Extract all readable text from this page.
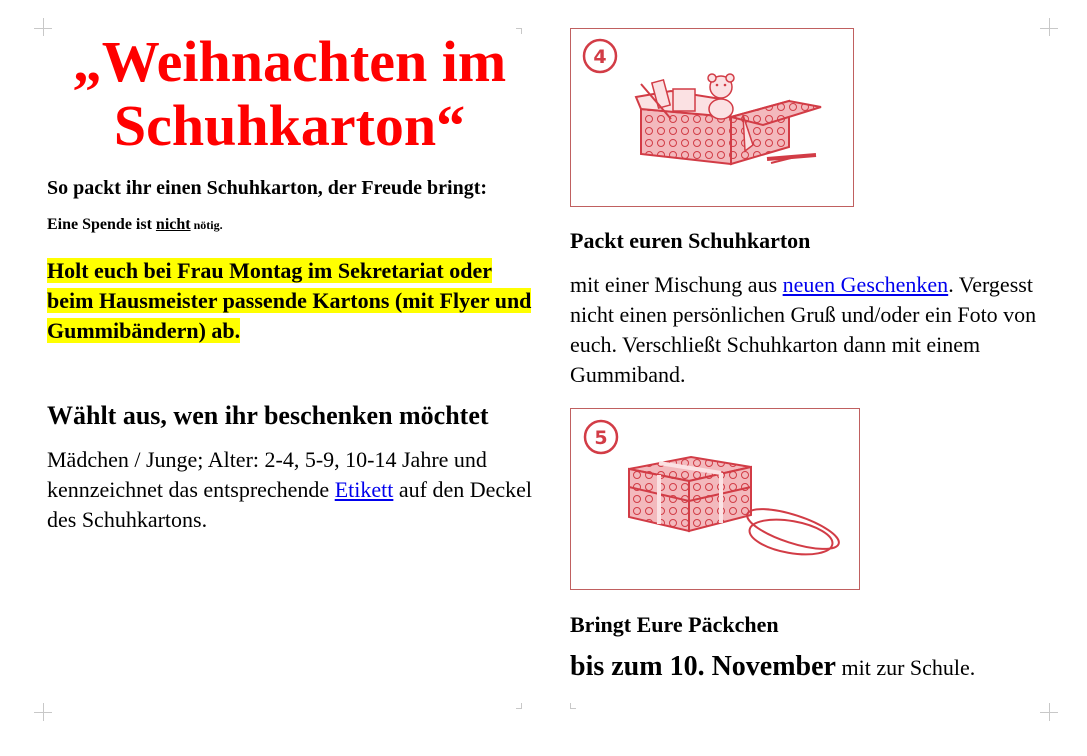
„Weihnachten im Schuhkarton“

So packt ihr einen Schuhkarton, der Freude bringt:

Eine Spende ist nicht nötig.

Holt euch bei Frau Montag im Sekretariat oder beim Hausmeister passende Kartons (mit Flyer und Gummibändern) ab.

Wählt aus, wen ihr beschenken möchtet

Mädchen / Junge; Alter: 2-4, 5-9, 10-14 Jahre und kennzeichnet das entsprechende Etikett auf den Deckel des Schuhkartons.

4

Packt euren Schuhkarton

mit einer Mischung aus neuen Geschenken. Vergesst nicht einen persönlichen Gruß und/oder ein Foto von euch. Verschließt Schuhkarton dann mit einem Gummiband.

5

Bringt Eure Päckchen

bis zum 10. November mit zur Schule.
